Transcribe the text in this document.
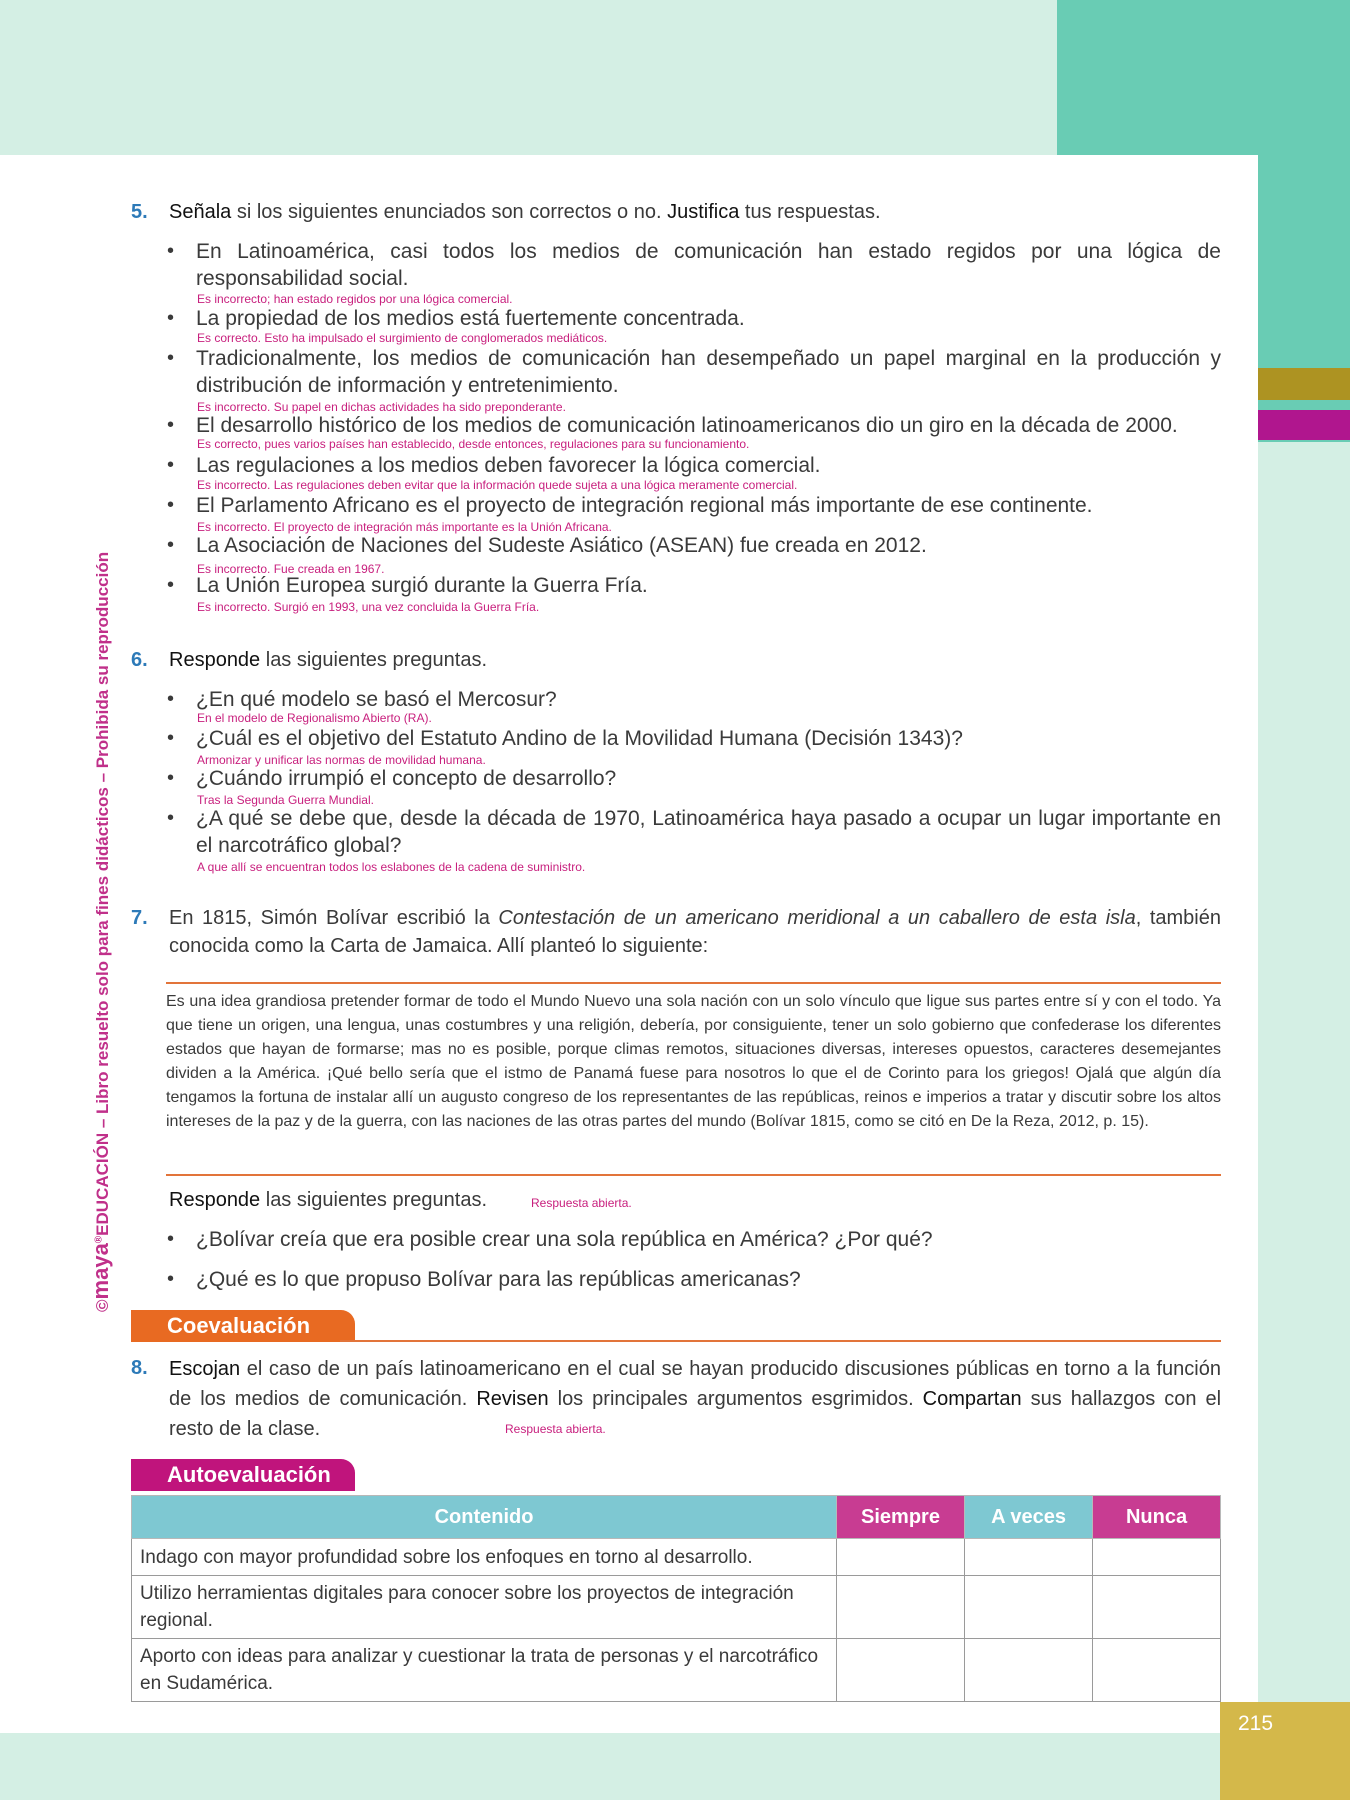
215
©maya®EDUCACIÓN – Libro resuelto solo para fines didácticos – Prohibida su reproducción
5. Señala si los siguientes enunciados son correctos o no. Justifica tus respuestas.
• En Latinoamérica, casi todos los medios de comunicación han estado regidos por una lógica de responsabilidad social.
Es incorrecto; han estado regidos por una lógica comercial.
• La propiedad de los medios está fuertemente concentrada.
Es correcto. Esto ha impulsado el surgimiento de conglomerados mediáticos.
• Tradicionalmente, los medios de comunicación han desempeñado un papel marginal en la producción y distribución de información y entretenimiento.
Es incorrecto. Su papel en dichas actividades ha sido preponderante.
• El desarrollo histórico de los medios de comunicación latinoamericanos dio un giro en la década de 2000.
Es correcto, pues varios países han establecido, desde entonces, regulaciones para su funcionamiento.
• Las regulaciones a los medios deben favorecer la lógica comercial.
Es incorrecto. Las regulaciones deben evitar que la información quede sujeta a una lógica meramente comercial.
• El Parlamento Africano es el proyecto de integración regional más importante de ese continente.
Es incorrecto. El proyecto de integración más importante es la Unión Africana.
• La Asociación de Naciones del Sudeste Asiático (ASEAN) fue creada en 2012.
Es incorrecto. Fue creada en 1967.
• La Unión Europea surgió durante la Guerra Fría.
Es incorrecto. Surgió en 1993, una vez concluida la Guerra Fría.
6. Responde las siguientes preguntas.
• ¿En qué modelo se basó el Mercosur?
En el modelo de Regionalismo Abierto (RA).
• ¿Cuál es el objetivo del Estatuto Andino de la Movilidad Humana (Decisión 1343)?
Armonizar y unificar las normas de movilidad humana.
• ¿Cuándo irrumpió el concepto de desarrollo?
Tras la Segunda Guerra Mundial.
• ¿A qué se debe que, desde la década de 1970, Latinoamérica haya pasado a ocupar un lugar importante en el narcotráfico global?
A que allí se encuentran todos los eslabones de la cadena de suministro.
7. En 1815, Simón Bolívar escribió la Contestación de un americano meridional a un caballero de esta isla, también conocida como la Carta de Jamaica. Allí planteó lo siguiente:
Es una idea grandiosa pretender formar de todo el Mundo Nuevo una sola nación con un solo vínculo que ligue sus partes entre sí y con el todo. Ya que tiene un origen, una lengua, unas costumbres y una religión, debería, por consiguiente, tener un solo gobierno que confederase los diferentes estados que hayan de formarse; mas no es posible, porque climas remotos, situaciones diversas, intereses opuestos, caracteres desemejantes dividen a la América. ¡Qué bello sería que el istmo de Panamá fuese para nosotros lo que el de Corinto para los griegos! Ojalá que algún día tengamos la fortuna de instalar allí un augusto congreso de los representantes de las repúblicas, reinos e imperios a tratar y discutir sobre los altos intereses de la paz y de la guerra, con las naciones de las otras partes del mundo (Bolívar 1815, como se citó en De la Reza, 2012, p. 15).
Responde las siguientes preguntas.	Respuesta abierta.
• ¿Bolívar creía que era posible crear una sola república en América? ¿Por qué?
• ¿Qué es lo que propuso Bolívar para las repúblicas americanas?
Coevaluación
8. Escojan el caso de un país latinoamericano en el cual se hayan producido discusiones públicas en torno a la función de los medios de comunicación. Revisen los principales argumentos esgrimidos. Compartan sus hallazgos con el resto de la clase.	Respuesta abierta.
Autoevaluación
Contenido	Siempre	A veces	Nunca
Indago con mayor profundidad sobre los enfoques en torno al desarrollo.			
Utilizo herramientas digitales para conocer sobre los proyectos de integración regional.			
Aporto con ideas para analizar y cuestionar la trata de personas y el narcotráfico en Sudamérica.			
